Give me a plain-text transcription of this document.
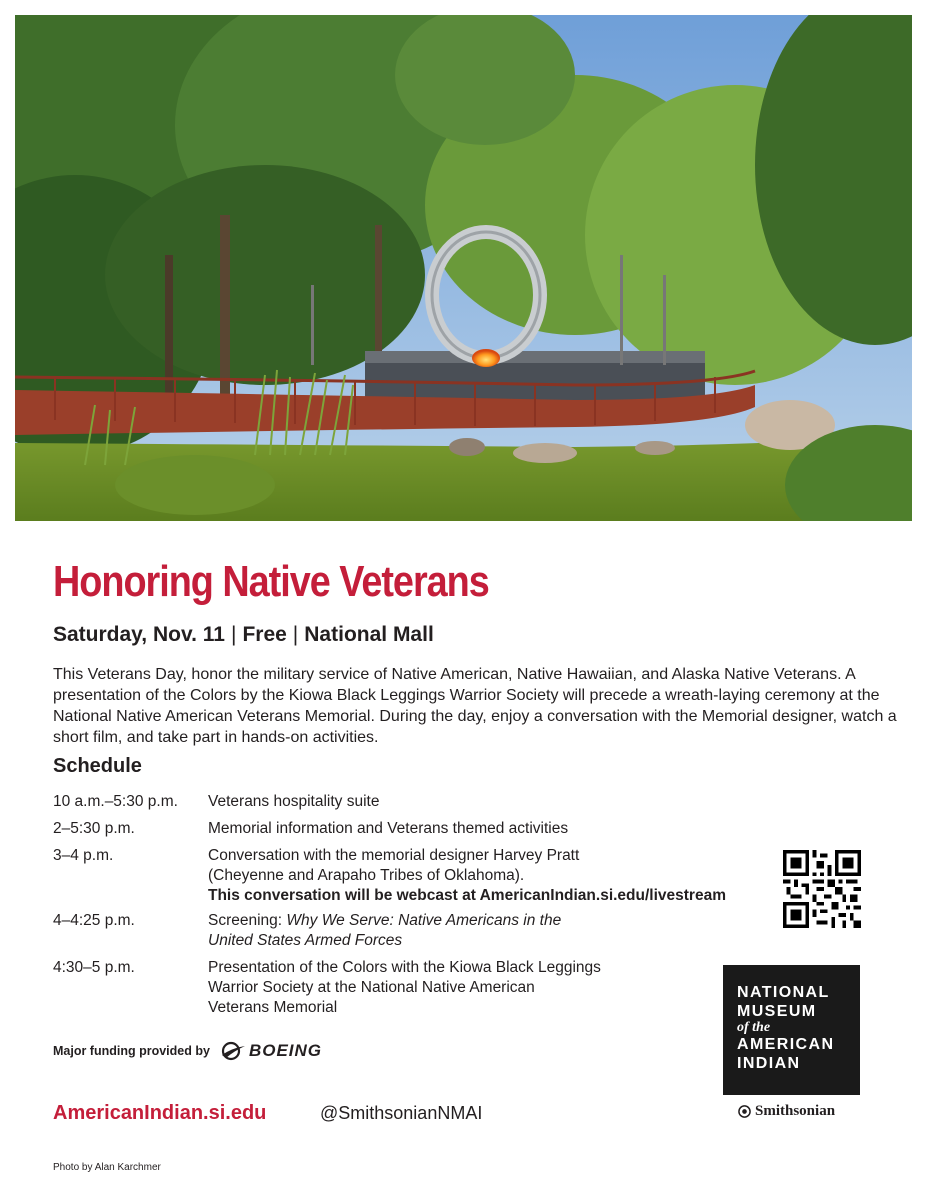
Honoring Native Veterans
Saturday, Nov. 11 | Free | National Mall

This Veterans Day, honor the military service of Native American, Native Hawaiian, and Alaska Native Veterans. A presentation of the Colors by the Kiowa Black Leggings Warrior Society will precede a wreath-laying ceremony at the National Native American Veterans Memorial. During the day, enjoy a conversation with the Memorial designer, watch a short film, and take part in hands-on activities.

Schedule
10 a.m.–5:30 p.m. Veterans hospitality suite
2–5:30 p.m.	Memorial information and Veterans themed activities
3–4 p.m.	Conversation with the memorial designer Harvey Pratt
(Cheyenne and Arapaho Tribes of Oklahoma).
This conversation will be webcast at AmericanIndian.si.edu/livestream
4–4:25 p.m.	Screening: Why We Serve: Native Americans in the
United States Armed Forces
4:30–5 p.m.	Presentation of the Colors with the Kiowa Black Leggings
Warrior Society at the National Native American
Veterans Memorial
NATIONAL
MUSEUM
of the
AMERICAN
INDIAN
Smithsonian
Major funding provided by BOEING
AmericanIndian.si.edu	@SmithsonianNMAI
Photo by Alan Karchmer
